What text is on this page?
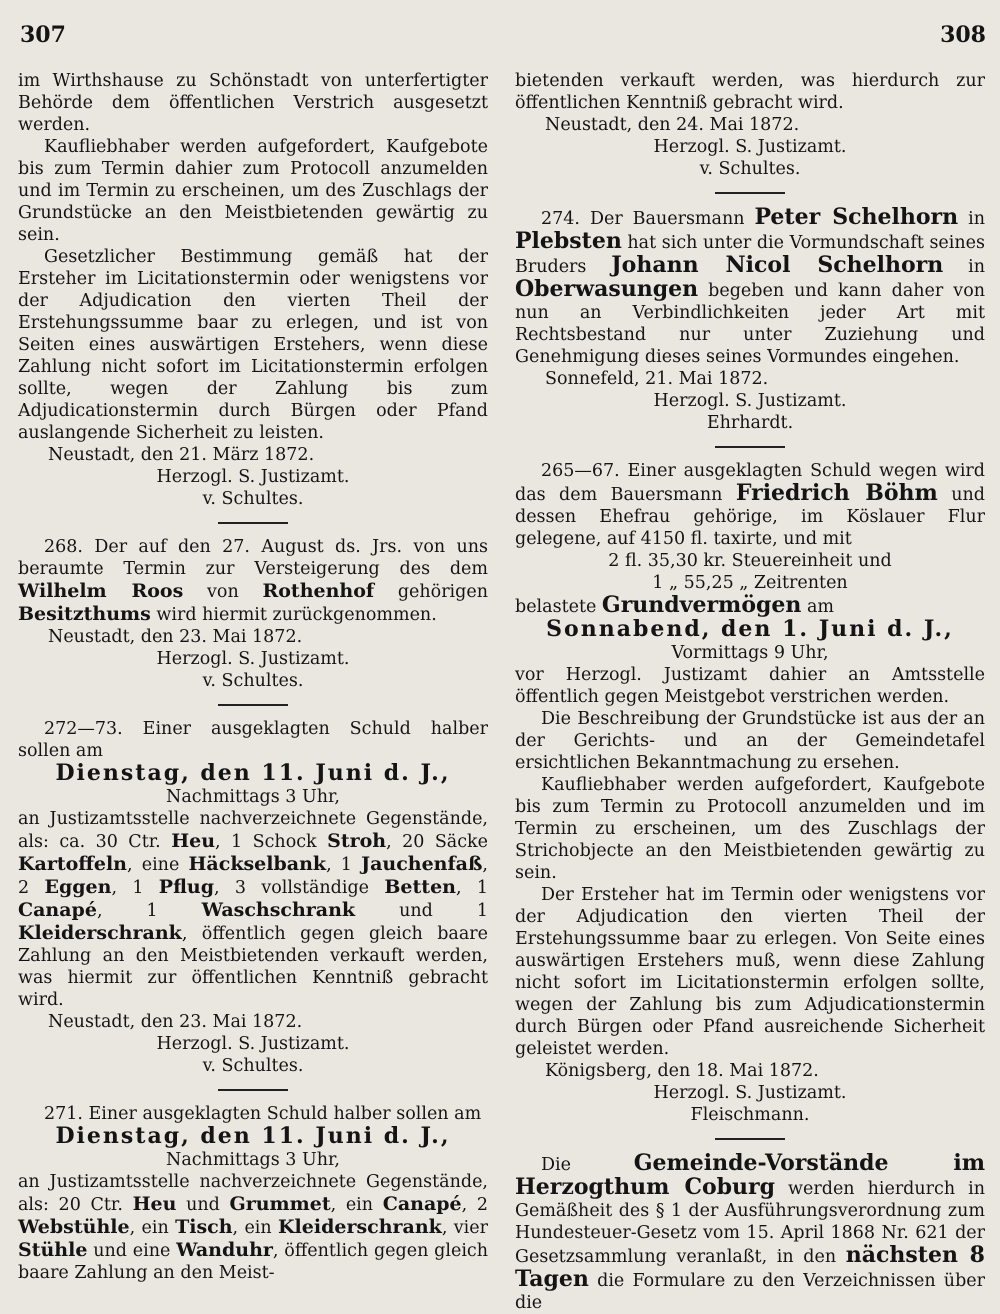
307	308

im Wirthshause zu Schönstadt von unterfertigter Behörde dem öffentlichen Verstrich ausgesetzt werden.

Kaufliebhaber werden aufgefordert, Kaufgebote bis zum Termin dahier zum Protocoll anzumelden und im Termin zu erscheinen, um des Zuschlags der Grundstücke an den Meistbietenden gewärtig zu sein.

Gesetzlicher Bestimmung gemäß hat der Ersteher im Licitationstermin oder wenigstens vor der Adjudication den vierten Theil der Erstehungssumme baar zu erlegen, und ist von Seiten eines auswärtigen Erstehers, wenn diese Zahlung nicht sofort im Licitationstermin erfolgen sollte, wegen der Zahlung bis zum Adjudicationstermin durch Bürgen oder Pfand auslangende Sicherheit zu leisten.

Neustadt, den 21. März 1872.

Herzogl. S. Justizamt.

v. Schultes.

268. Der auf den 27. August ds. Jrs. von uns beraumte Termin zur Versteigerung des dem Wilhelm Roos von Rothenhof gehörigen Besitzthums wird hiermit zurückgenommen.

Neustadt, den 23. Mai 1872.

Herzogl. S. Justizamt.

v. Schultes.

272—73. Einer ausgeklagten Schuld halber sollen am

Dienstag, den 11. Juni d. J.,

Nachmittags 3 Uhr,

an Justizamtsstelle nachverzeichnete Gegenstände, als: ca. 30 Ctr. Heu, 1 Schock Stroh, 20 Säcke Kartoffeln, eine Häckselbank, 1 Jauchenfaß, 2 Eggen, 1 Pflug, 3 vollständige Betten, 1 Canapé, 1 Waschschrank und 1 Kleiderschrank, öffentlich gegen gleich baare Zahlung an den Meistbietenden verkauft werden, was hiermit zur öffentlichen Kenntniß gebracht wird.

Neustadt, den 23. Mai 1872.

Herzogl. S. Justizamt.

v. Schultes.

271. Einer ausgeklagten Schuld halber sollen am

Dienstag, den 11. Juni d. J.,

Nachmittags 3 Uhr,

an Justizamtsstelle nachverzeichnete Gegenstände, als: 20 Ctr. Heu und Grummet, ein Canapé, 2 Webstühle, ein Tisch, ein Kleiderschrank, vier Stühle und eine Wanduhr, öffentlich gegen gleich baare Zahlung an den Meist-

bietenden verkauft werden, was hierdurch zur öffentlichen Kenntniß gebracht wird.

Neustadt, den 24. Mai 1872.

Herzogl. S. Justizamt.

v. Schultes.

274. Der Bauersmann Peter Schelhorn in Plebsten hat sich unter die Vormundschaft seines Bruders Johann Nicol Schelhorn in Oberwasungen begeben und kann daher von nun an Verbindlichkeiten jeder Art mit Rechtsbestand nur unter Zuziehung und Genehmigung dieses seines Vormundes eingehen.

Sonnefeld, 21. Mai 1872.

Herzogl. S. Justizamt.

Ehrhardt.

265—67. Einer ausgeklagten Schuld wegen wird das dem Bauersmann Friedrich Böhm und dessen Ehefrau gehörige, im Köslauer Flur gelegene, auf 4150 fl. taxirte, und mit

2 fl. 35,30 kr. Steuereinheit und

1 „ 55,25 „ Zeitrenten

belastete Grundvermögen am

Sonnabend, den 1. Juni d. J.,

Vormittags 9 Uhr,

vor Herzogl. Justizamt dahier an Amtsstelle öffentlich gegen Meistgebot verstrichen werden.

Die Beschreibung der Grundstücke ist aus der an der Gerichts- und an der Gemeindetafel ersichtlichen Bekanntmachung zu ersehen.

Kaufliebhaber werden aufgefordert, Kaufgebote bis zum Termin zu Protocoll anzumelden und im Termin zu erscheinen, um des Zuschlags der Strichobjecte an den Meistbietenden gewärtig zu sein.

Der Ersteher hat im Termin oder wenigstens vor der Adjudication den vierten Theil der Erstehungssumme baar zu erlegen. Von Seite eines auswärtigen Erstehers muß, wenn diese Zahlung nicht sofort im Licitationstermin erfolgen sollte, wegen der Zahlung bis zum Adjudicationstermin durch Bürgen oder Pfand ausreichende Sicherheit geleistet werden.

Königsberg, den 18. Mai 1872.

Herzogl. S. Justizamt.

Fleischmann.

Die Gemeinde-Vorstände im Herzogthum Coburg werden hierdurch in Gemäßheit des § 1 der Ausführungsverordnung zum Hundesteuer-Gesetz vom 15. April 1868 Nr. 621 der Gesetzsammlung veranlaßt, in den nächsten 8 Tagen die Formulare zu den Verzeichnissen über die
